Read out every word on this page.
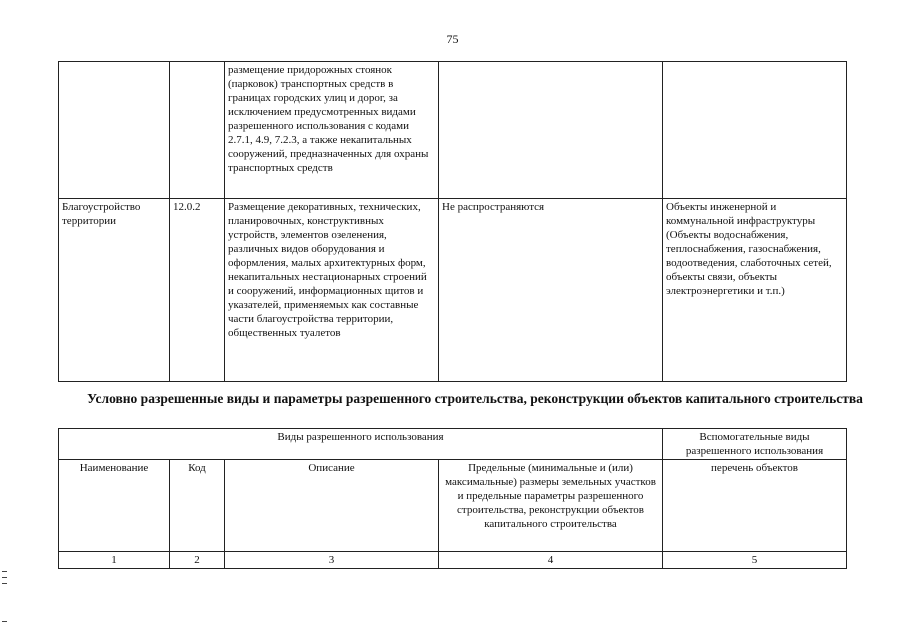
75

		размещение придорожных стоянок (парковок) транспортных средств в границах городских улиц и дорог, за исключением предусмотренных видами разрешенного использования с кодами 2.7.1, 4.9, 7.2.3, а также некапитальных сооружений, предназначенных для охраны транспортных средств		

Благоустройство территории	12.0.2	Размещение декоративных, технических, планировочных, конструктивных устройств, элементов озеленения, различных видов оборудования и оформления, малых архитектурных форм, некапитальных нестационарных строений и сооружений, информационных щитов и указателей, применяемых как составные части благоустройства территории, общественных туалетов	Не распространяются	Объекты инженерной и коммунальной инфраструктуры (Объекты водоснабжения, теплоснабжения, газоснабжения, водоотведения, слаботочных сетей, объекты связи, объекты электроэнергетики и т.п.)
Условно разрешенные виды и параметры разрешенного строительства, реконструкции объектов капитального строительства
Виды разрешенного использования				Вспомогательные виды разрешенного использования

Наименование	Код	Описание	Предельные (минимальные и (или) максимальные) размеры земельных участков и предельные параметры разрешенного строительства, реконструкции объектов капитального строительства	перечень объектов

1	2	3	4	5
